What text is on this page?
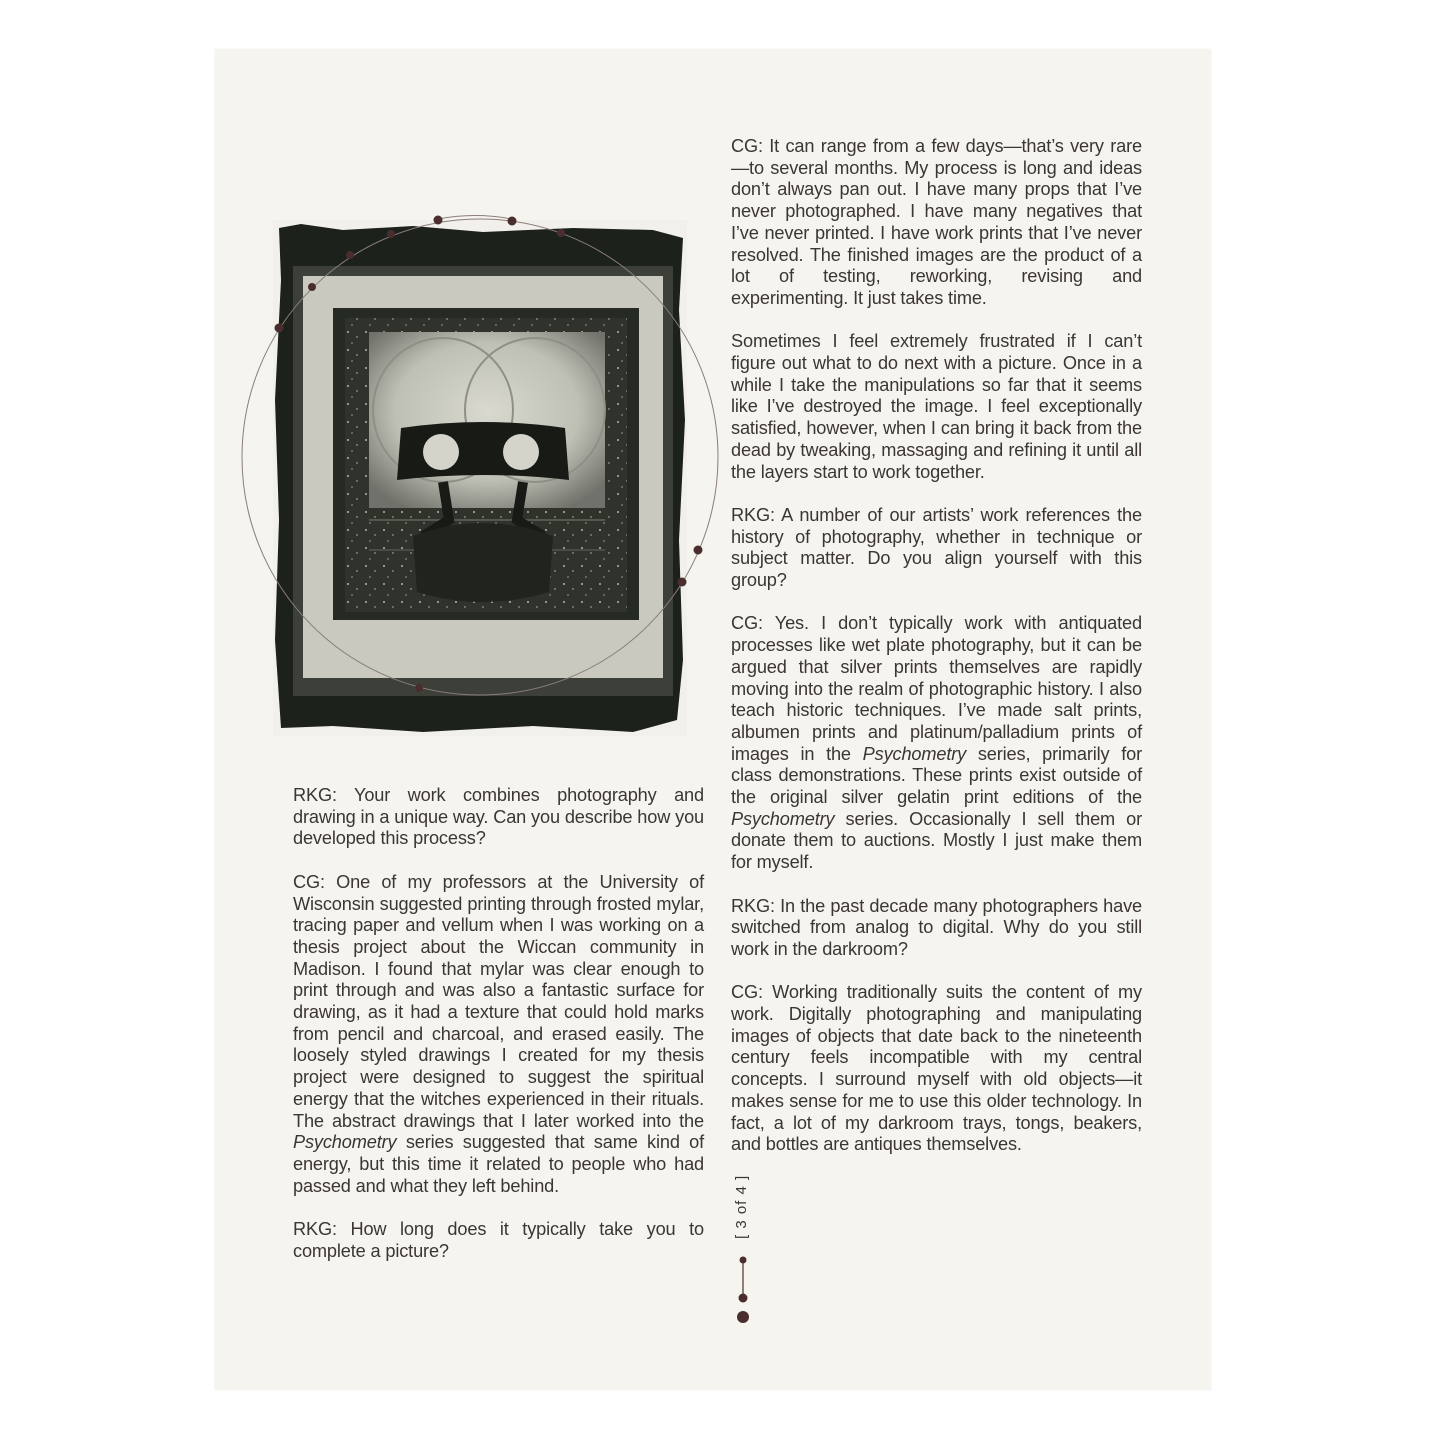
RKG: Your work combines photography and drawing in a unique way. Can you describe how you developed this process?

CG: One of my professors at the University of Wisconsin suggested printing through frosted mylar, tracing paper and vellum when I was working on a thesis project about the Wiccan community in Madison. I found that mylar was clear enough to print through and was also a fantastic surface for drawing, as it had a texture that could hold marks from pencil and charcoal, and erased easily. The loosely styled drawings I created for my thesis project were designed to suggest the spiritual energy that the witches experienced in their rituals. The abstract drawings that I later worked into the Psychometry series suggested that same kind of energy, but this time it related to people who had passed and what they left behind.

RKG: How long does it typically take you to complete a picture?

CG: It can range from a few days—that’s very rare—to several months. My process is long and ideas don’t always pan out. I have many props that I’ve never photographed. I have many negatives that I’ve never printed. I have work prints that I’ve never resolved. The finished images are the product of a lot of testing, reworking, revising and experimenting. It just takes time.

Sometimes I feel extremely frustrated if I can’t figure out what to do next with a picture. Once in a while I take the manipulations so far that it seems like I’ve destroyed the image. I feel exceptionally satisfied, however, when I can bring it back from the dead by tweaking, massaging and refining it until all the layers start to work together.

RKG: A number of our artists’ work references the history of photography, whether in technique or subject matter. Do you align yourself with this group?

CG: Yes. I don’t typically work with antiquated processes like wet plate photography, but it can be argued that silver prints themselves are rapidly moving into the realm of photographic history. I also teach historic techniques. I’ve made salt prints, albumen prints and platinum/palladium prints of images in the Psychometry series, primarily for class demonstrations. These prints exist outside of the original silver gelatin print editions of the Psychometry series. Occasionally I sell them or donate them to auctions. Mostly I just make them for myself.

RKG: In the past decade many photographers have switched from analog to digital. Why do you still work in the darkroom?

CG: Working traditionally suits the content of my work. Digitally photographing and manipulating images of objects that date back to the nineteenth century feels incompatible with my central concepts. I surround myself with old objects—it makes sense for me to use this older technology. In fact, a lot of my darkroom trays, tongs, beakers, and bottles are antiques themselves.

[ 3 of 4 ]
